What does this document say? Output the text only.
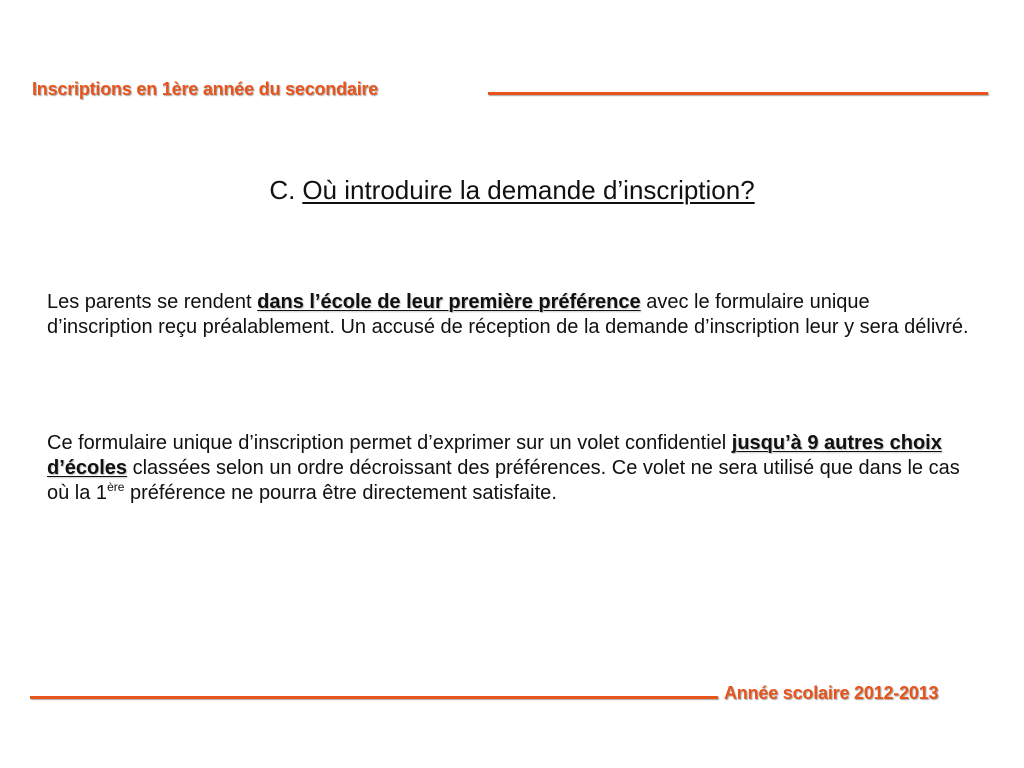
Inscriptions en 1ère année du secondaire
C. Où introduire la demande d’inscription?
Les parents se rendent dans l’école de leur première préférence avec le formulaire unique d’inscription reçu préalablement. Un accusé de réception de la demande d’inscription leur y sera délivré.
Ce formulaire unique d’inscription permet d’exprimer sur un volet confidentiel jusqu’à 9 autres choix d’écoles classées selon un ordre décroissant des préférences. Ce volet ne sera utilisé que dans le cas où la 1ère préférence ne pourra être directement satisfaite.
Année scolaire 2012-2013
